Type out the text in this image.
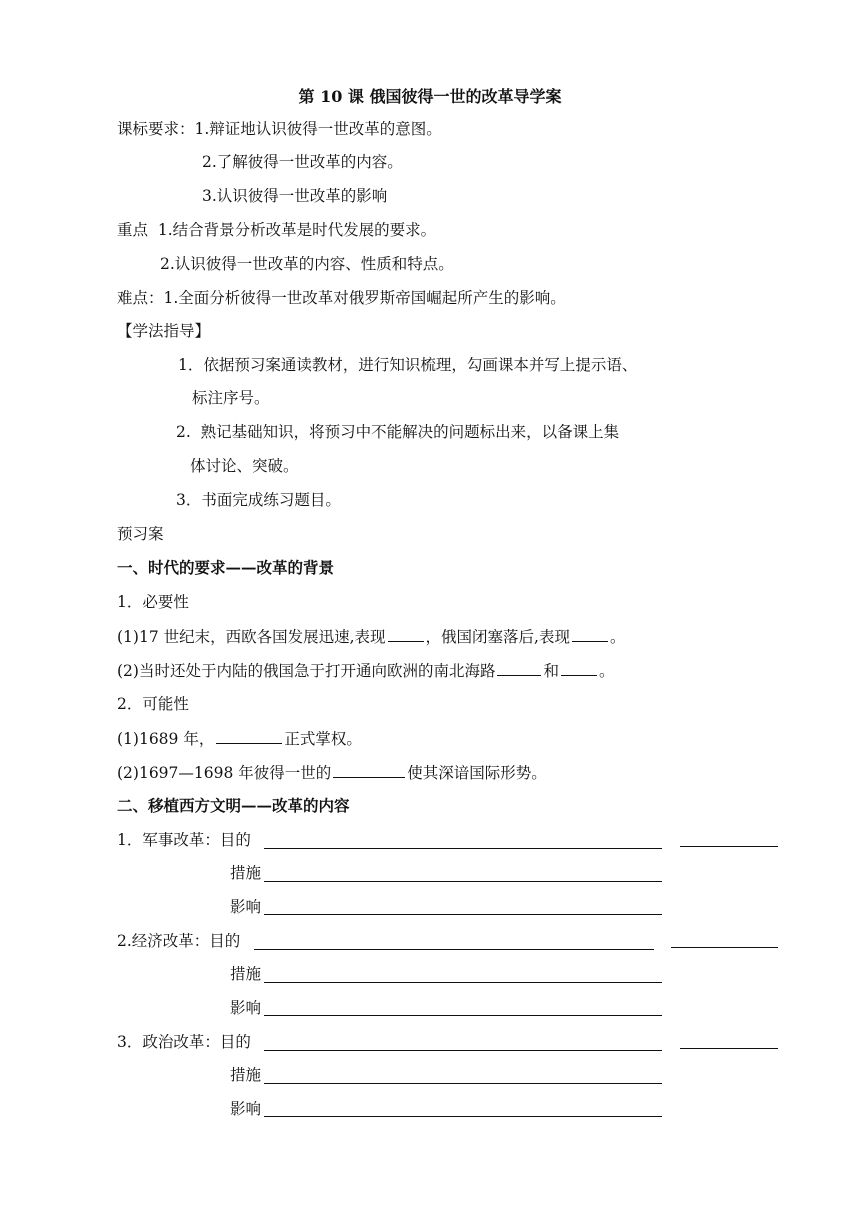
第 10 课 俄国彼得一世的改革导学案
课标要求：1.辩证地认识彼得一世改革的意图。
2.了解彼得一世改革的内容。
3.认识彼得一世改革的影响
重点 1.结合背景分析改革是时代发展的要求。
2.认识彼得一世改革的内容、性质和特点。
难点：1.全面分析彼得一世改革对俄罗斯帝国崛起所产生的影响。
【学法指导】
1．依据预习案通读教材，进行知识梳理，勾画课本并写上提示语、
标注序号。
2. 熟记基础知识，将预习中不能解决的问题标出来，以备课上集
体讨论、突破。
3．书面完成练习题目。
预习案
一、时代的要求——改革的背景
1．必要性
(1)17 世纪末，西欧各国发展迅速,表现	，俄国闭塞落后,表现	。
(2)当时还处于内陆的俄国急于打开通向欧洲的南北海路	和	。
2．可能性
(1)1689 年，	正式掌权。
(2)1697—1698 年彼得一世的	使其深谙国际形势。
二、移植西方文明——改革的内容
1．军事改革：目的
措施
影响
2.经济改革：目的
措施
影响
3．政治改革：目的
措施
影响
